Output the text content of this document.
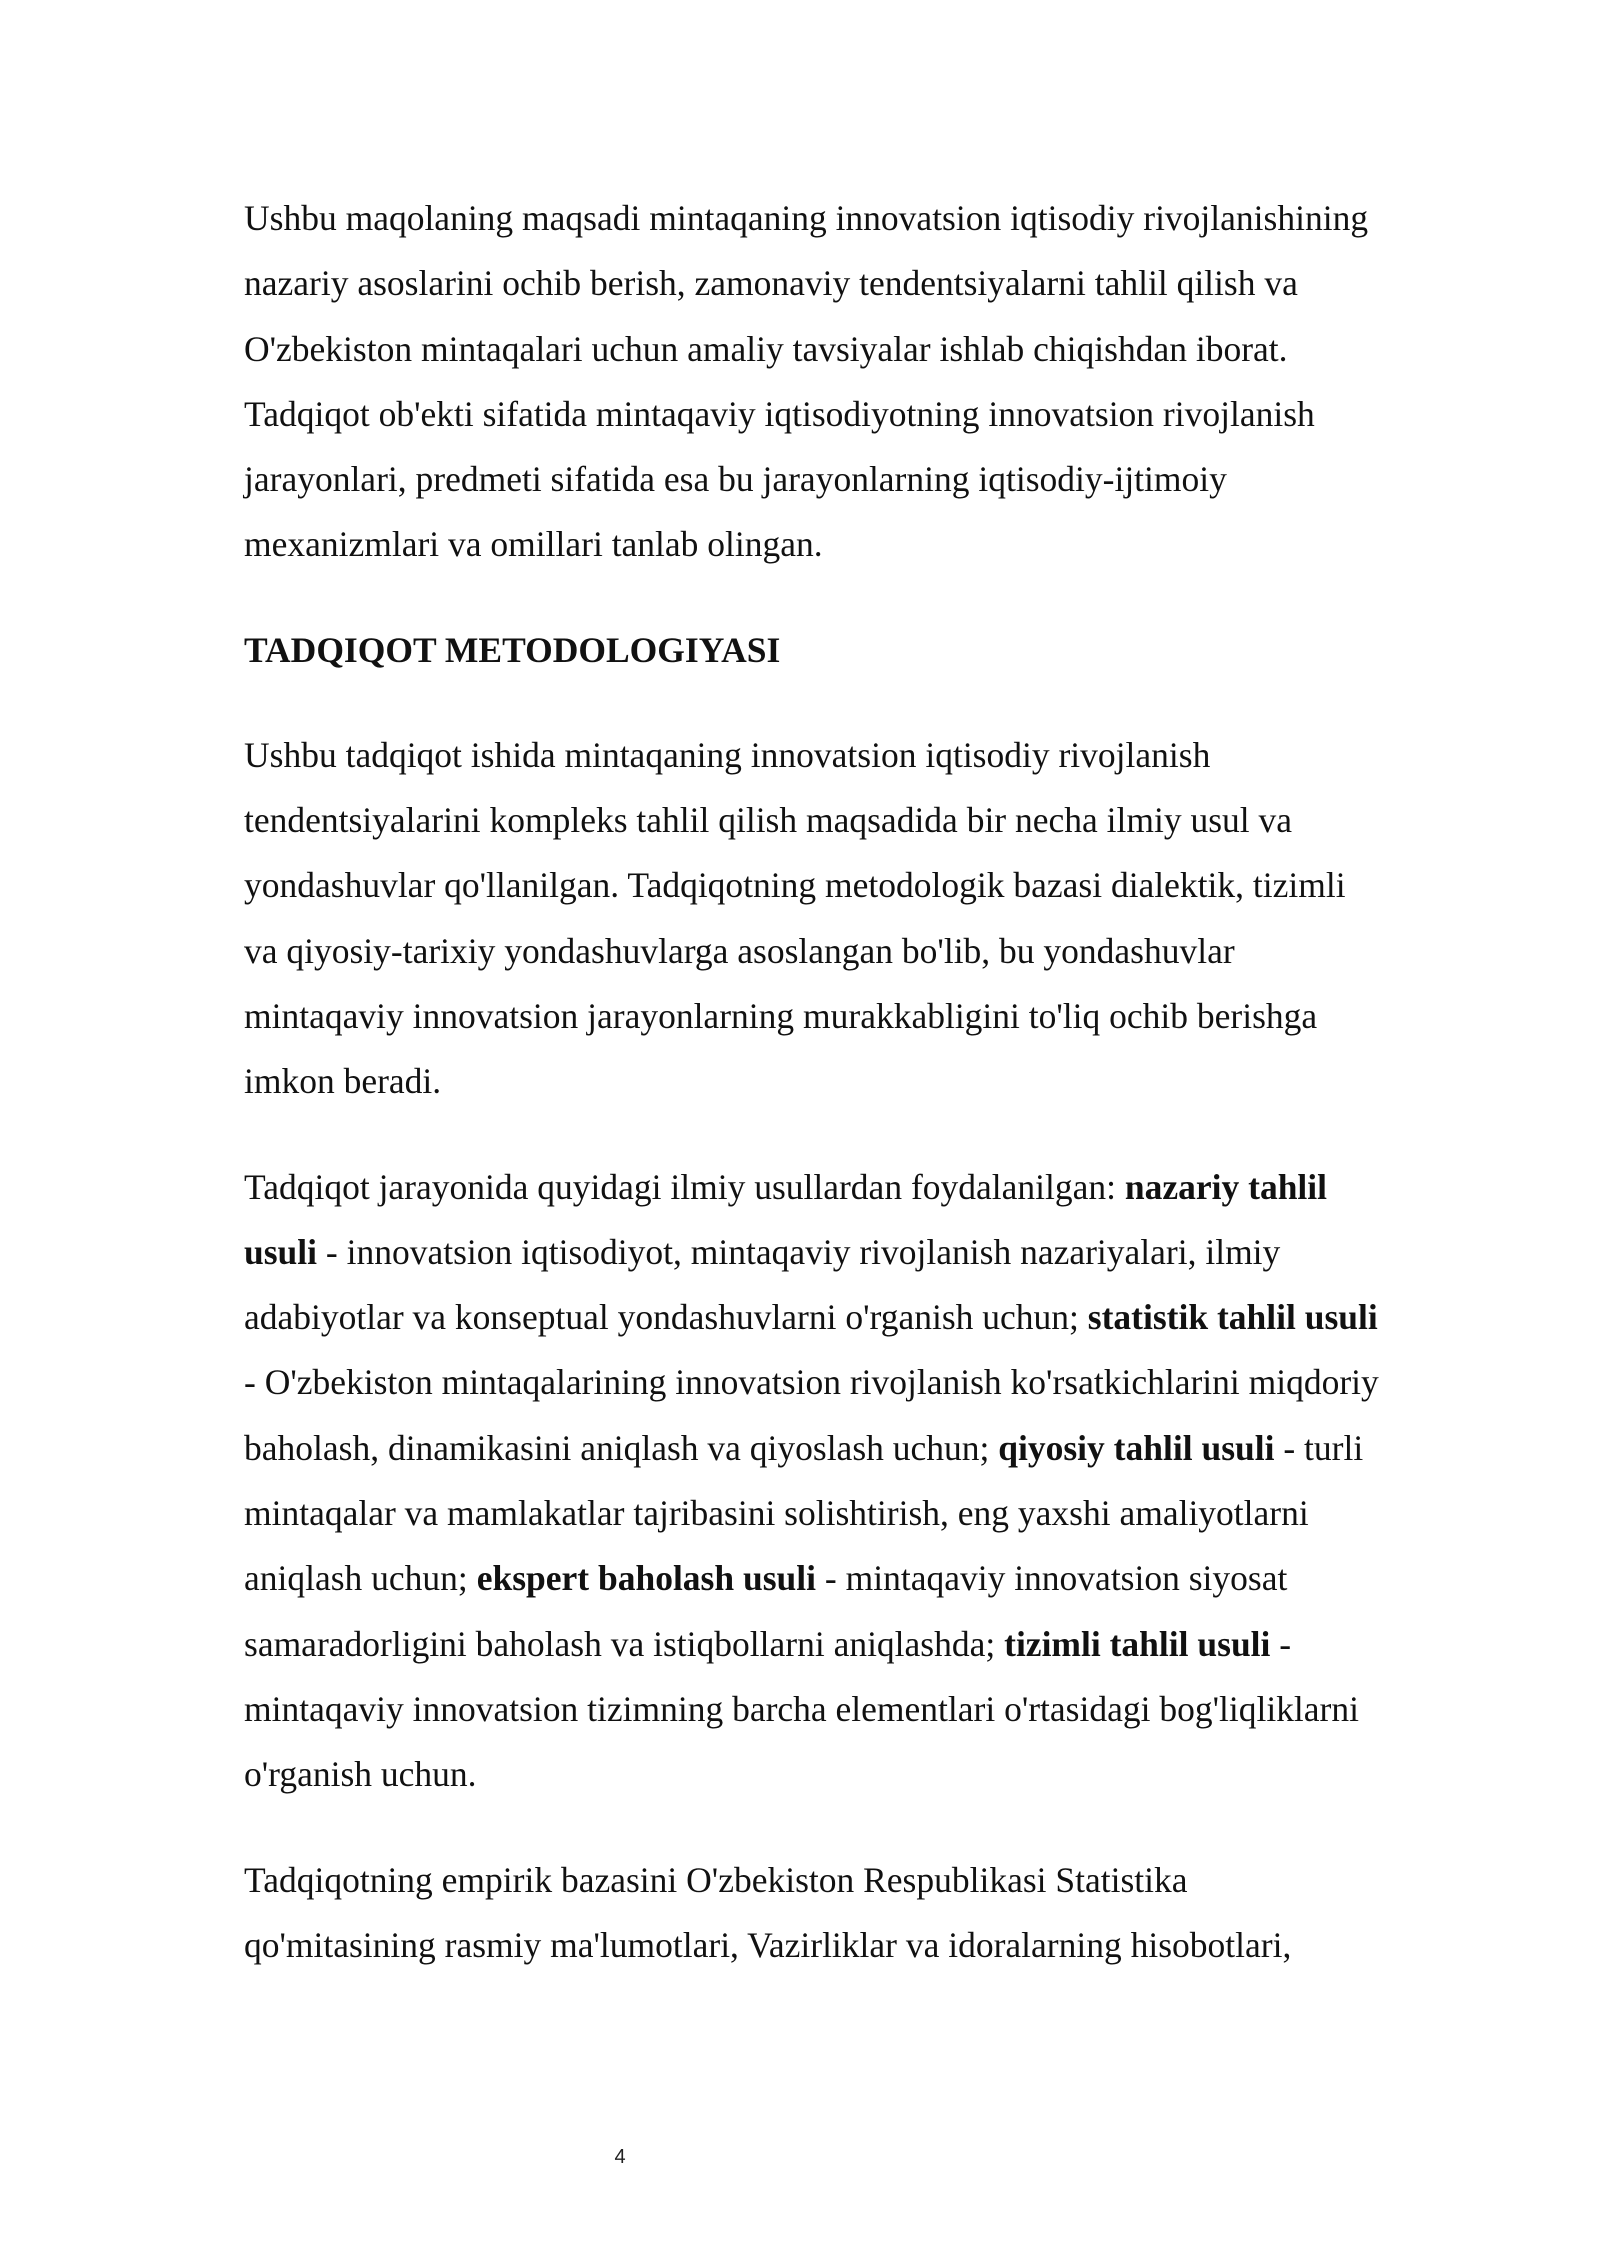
Ushbu maqolaning maqsadi mintaqaning innovatsion iqtisodiy rivojlanishining nazariy asoslarini ochib berish, zamonaviy tendentsiyalarni tahlil qilish va O'zbekiston mintaqalari uchun amaliy tavsiyalar ishlab chiqishdan iborat. Tadqiqot ob'ekti sifatida mintaqaviy iqtisodiyotning innovatsion rivojlanish jarayonlari, predmeti sifatida esa bu jarayonlarning iqtisodiy-ijtimoiy mexanizmlari va omillari tanlab olingan.

TADQIQOT METODOLOGIYASI

Ushbu tadqiqot ishida mintaqaning innovatsion iqtisodiy rivojlanish tendentsiyalarini kompleks tahlil qilish maqsadida bir necha ilmiy usul va yondashuvlar qo'llanilgan. Tadqiqotning metodologik bazasi dialektik, tizimli va qiyosiy-tarixiy yondashuvlarga asoslangan bo'lib, bu yondashuvlar mintaqaviy innovatsion jarayonlarning murakkabligini to'liq ochib berishga imkon beradi.

Tadqiqot jarayonida quyidagi ilmiy usullardan foydalanilgan: nazariy tahlil usuli - innovatsion iqtisodiyot, mintaqaviy rivojlanish nazariyalari, ilmiy adabiyotlar va konseptual yondashuvlarni o'rganish uchun; statistik tahlil usuli - O'zbekiston mintaqalarining innovatsion rivojlanish ko'rsatkichlarini miqdoriy baholash, dinamikasini aniqlash va qiyoslash uchun; qiyosiy tahlil usuli - turli mintaqalar va mamlakatlar tajribasini solishtirish, eng yaxshi amaliyotlarni aniqlash uchun; ekspert baholash usuli - mintaqaviy innovatsion siyosat samaradorligini baholash va istiqbollarni aniqlashda; tizimli tahlil usuli - mintaqaviy innovatsion tizimning barcha elementlari o'rtasidagi bog'liqliklarni o'rganish uchun.

Tadqiqotning empirik bazasini O'zbekiston Respublikasi Statistika qo'mitasining rasmiy ma'lumotlari, Vazirliklar va idoralarning hisobotlari,

4
